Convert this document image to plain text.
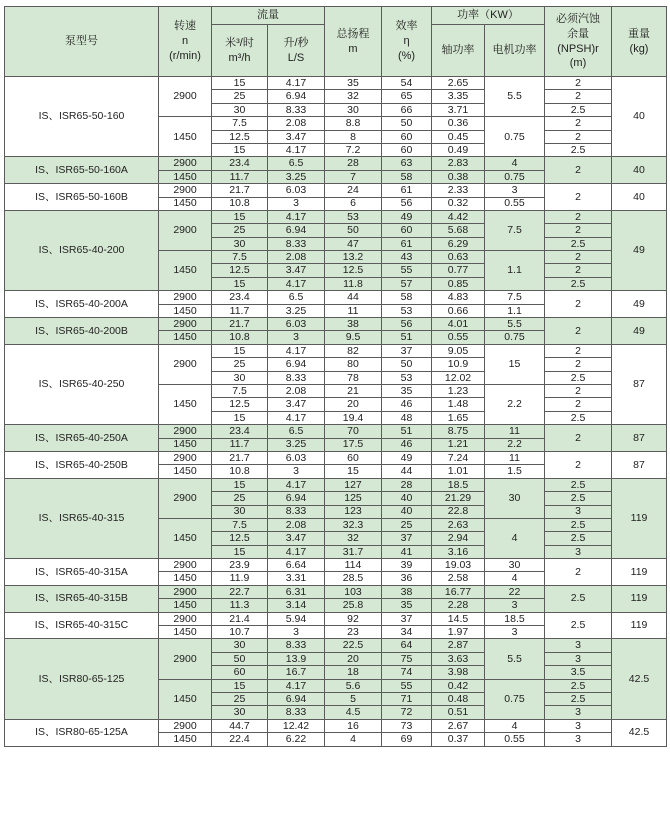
泵型号	转速
n
(r/min)	流量		总扬程
m	效率
η
(%)	功率（KW）		必须汽蚀
余量
(NPSH)r
(m)	重量
(kg)
		米³/时
m³/h	升/秒
L/S			轴功率	电机功率		
IS、ISR65-50-160	2900	15	4.17	35	54	2.65	5.5	2	40
		25	6.94	32	65	3.35		2	
		30	8.33	30	66	3.71		2.5	
	1450	7.5	2.08	8.8	50	0.36	0.75	2	
		12.5	3.47	8	60	0.45		2	
		15	4.17	7.2	60	0.49		2.5	
IS、ISR65-50-160A	2900	23.4	6.5	28	63	2.83	4	2	40
	1450	11.7	3.25	7	58	0.38	0.75		
IS、ISR65-50-160B	2900	21.7	6.03	24	61	2.33	3	2	40
	1450	10.8	3	6	56	0.32	0.55		
IS、ISR65-40-200	2900	15	4.17	53	49	4.42	7.5	2	49
		25	6.94	50	60	5.68		2	
		30	8.33	47	61	6.29		2.5	
	1450	7.5	2.08	13.2	43	0.63	1.1	2	
		12.5	3.47	12.5	55	0.77		2	
		15	4.17	11.8	57	0.85		2.5	
IS、ISR65-40-200A	2900	23.4	6.5	44	58	4.83	7.5	2	49
	1450	11.7	3.25	11	53	0.66	1.1		
IS、ISR65-40-200B	2900	21.7	6.03	38	56	4.01	5.5	2	49
	1450	10.8	3	9.5	51	0.55	0.75		
IS、ISR65-40-250	2900	15	4.17	82	37	9.05	15	2	87
		25	6.94	80	50	10.9		2	
		30	8.33	78	53	12.02		2.5	
	1450	7.5	2.08	21	35	1.23	2.2	2	
		12.5	3.47	20	46	1.48		2	
		15	4.17	19.4	48	1.65		2.5	
IS、ISR65-40-250A	2900	23.4	6.5	70	51	8.75	11	2	87
	1450	11.7	3.25	17.5	46	1.21	2.2		
IS、ISR65-40-250B	2900	21.7	6.03	60	49	7.24	11	2	87
	1450	10.8	3	15	44	1.01	1.5		
IS、ISR65-40-315	2900	15	4.17	127	28	18.5	30	2.5	119
		25	6.94	125	40	21.29		2.5	
		30	8.33	123	40	22.8		3	
	1450	7.5	2.08	32.3	25	2.63	4	2.5	
		12.5	3.47	32	37	2.94		2.5	
		15	4.17	31.7	41	3.16		3	
IS、ISR65-40-315A	2900	23.9	6.64	114	39	19.03	30	2	119
	1450	11.9	3.31	28.5	36	2.58	4		
IS、ISR65-40-315B	2900	22.7	6.31	103	38	16.77	22	2.5	119
	1450	11.3	3.14	25.8	35	2.28	3		
IS、ISR65-40-315C	2900	21.4	5.94	92	37	14.5	18.5	2.5	119
	1450	10.7	3	23	34	1.97	3		
IS、ISR80-65-125	2900	30	8.33	22.5	64	2.87	5.5	3	42.5
		50	13.9	20	75	3.63		3	
		60	16.7	18	74	3.98		3.5	
	1450	15	4.17	5.6	55	0.42	0.75	2.5	
		25	6.94	5	71	0.48		2.5	
		30	8.33	4.5	72	0.51		3	
IS、ISR80-65-125A	2900	44.7	12.42	16	73	2.67	4	3	42.5
	1450	22.4	6.22	4	69	0.37	0.55	3	
